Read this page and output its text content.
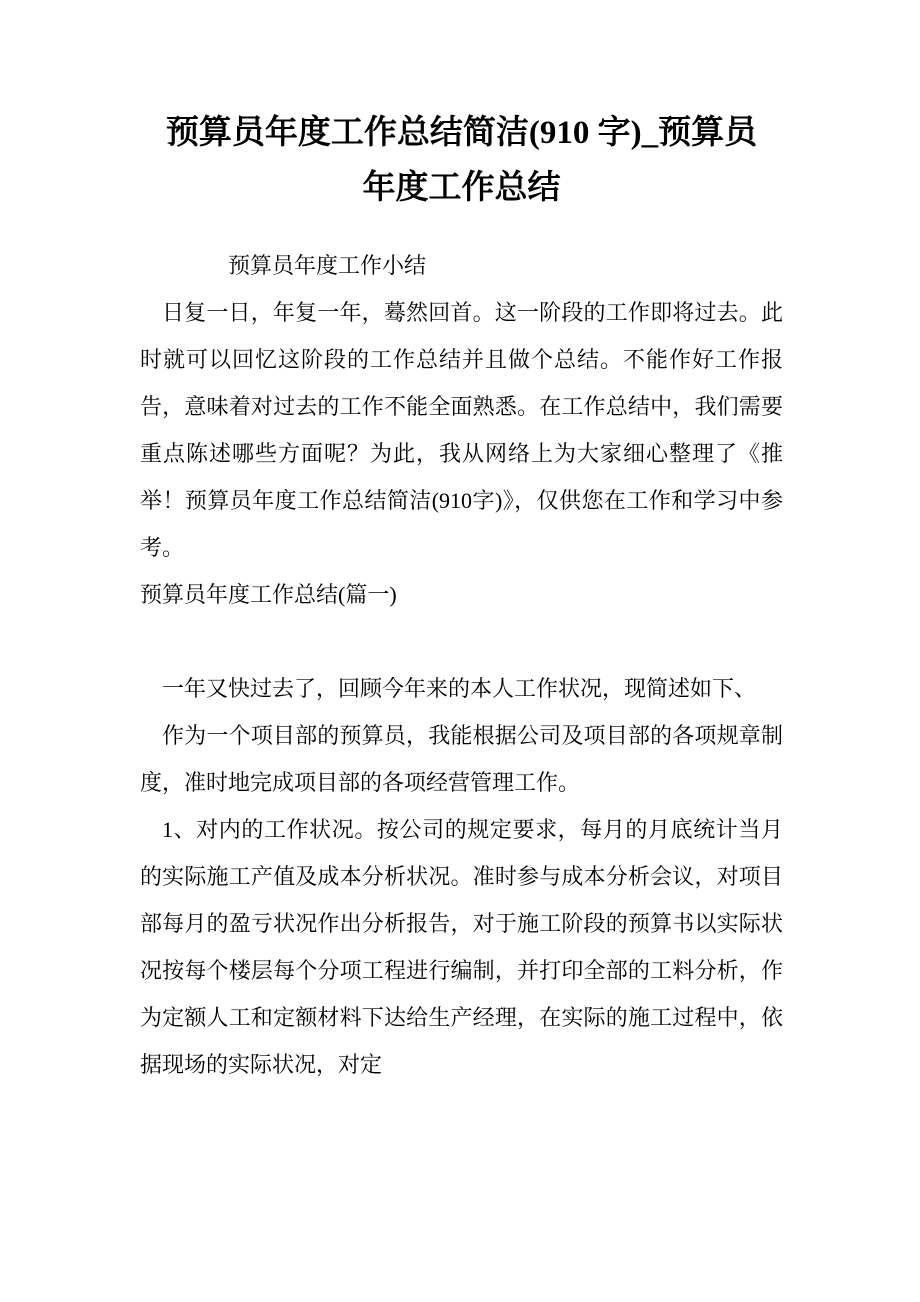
预算员年度工作总结简洁(910 字)_预算员年度工作总结

预算员年度工作小结

日复一日，年复一年，蓦然回首。这一阶段的工作即将过去。此时就可以回忆这阶段的工作总结并且做个总结。不能作好工作报告，意味着对过去的工作不能全面熟悉。在工作总结中，我们需要重点陈述哪些方面呢？为此，我从网络上为大家细心整理了《推举！预算员年度工作总结简洁(910字)》，仅供您在工作和学习中参考。

预算员年度工作总结(篇一)

一年又快过去了，回顾今年来的本人工作状况，现简述如下、

作为一个项目部的预算员，我能根据公司及项目部的各项规章制度，准时地完成项目部的各项经营管理工作。

1、对内的工作状况。按公司的规定要求，每月的月底统计当月的实际施工产值及成本分析状况。准时参与成本分析会议，对项目部每月的盈亏状况作出分析报告，对于施工阶段的预算书以实际状况按每个楼层每个分项工程进行编制，并打印全部的工料分析，作为定额人工和定额材料下达给生产经理，在实际的施工过程中，依据现场的实际状况，对定
